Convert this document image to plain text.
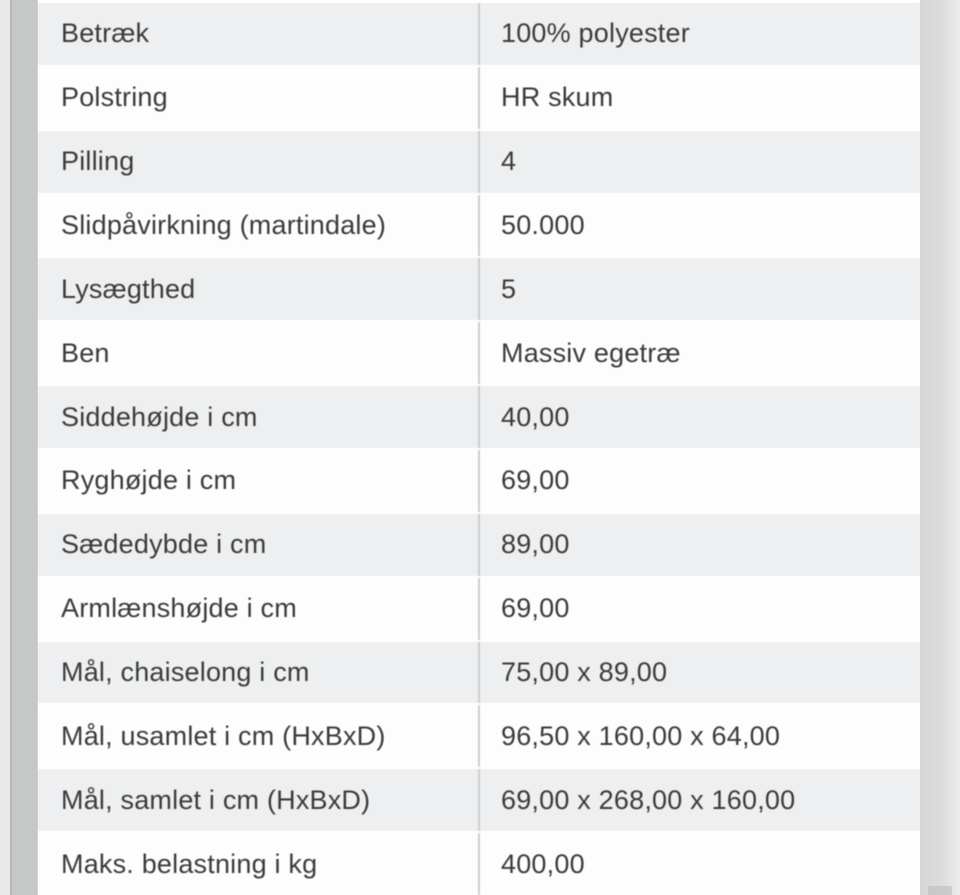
Betræk	100% polyester
Polstring	HR skum
Pilling	4
Slidpåvirkning (martindale)	50.000
Lysægthed	5
Ben	Massiv egetræ
Siddehøjde i cm	40,00
Ryghøjde i cm	69,00
Sædedybde i cm	89,00
Armlænshøjde i cm	69,00
Mål, chaiselong i cm	75,00 x 89,00
Mål, usamlet i cm (HxBxD)	96,50 x 160,00 x 64,00
Mål, samlet i cm (HxBxD)	69,00 x 268,00 x 160,00
Maks. belastning i kg	400,00
